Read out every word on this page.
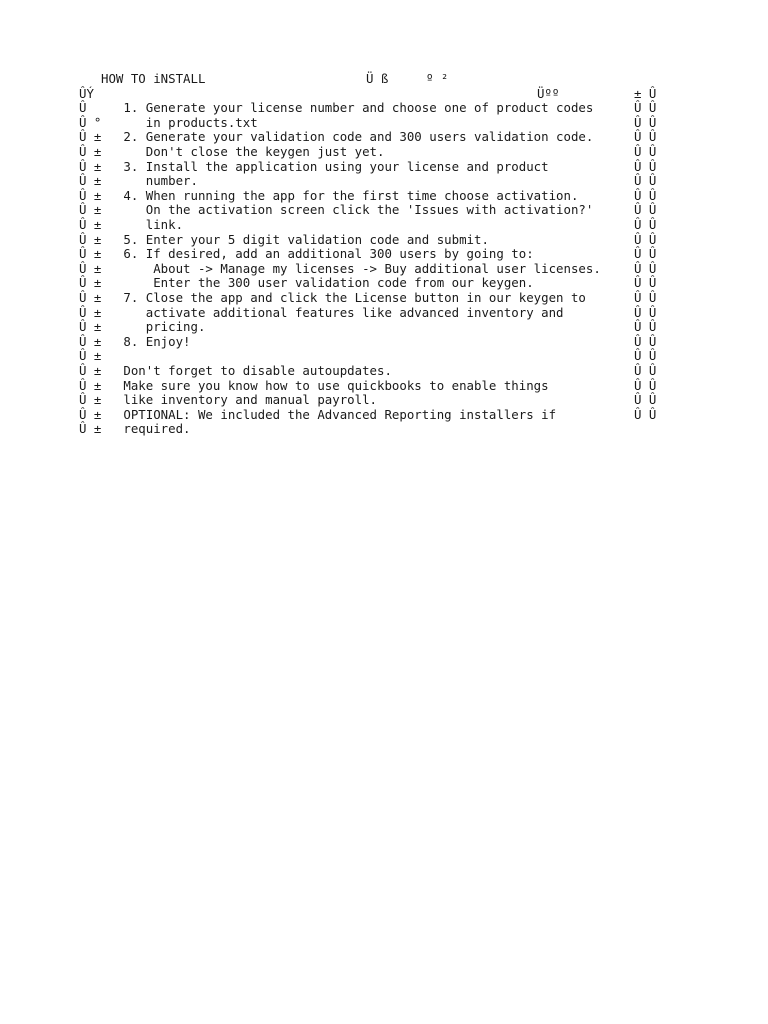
HOW TO iNSTALL

	Ü ß

	º ²

ÛÝ

	Üºº

	± Û

Û 1. Generate your license number and choose one of product codes	Û Û
Û ° in products.txt	Û Û
Û ± 2. Generate your validation code and 300 users validation code.	Û Û
Û ± Don't close the keygen just yet.	Û Û
Û ± 3. Install the application using your license and product	Û Û
Û ± number.	Û Û
Û ± 4. When running the app for the first time choose activation.	Û Û
Û ± On the activation screen click the 'Issues with activation?'	Û Û
Û ± link.	Û Û
Û ± 5. Enter your 5 digit validation code and submit.	Û Û
Û ± 6. If desired, add an additional 300 users by going to:	Û Û
Û ± About -> Manage my licenses -> Buy additional user licenses.	Û Û
Û ± Enter the 300 user validation code from our keygen.	Û Û
Û ± 7. Close the app and click the License button in our keygen to	Û Û
Û ± activate additional features like advanced inventory and	Û Û
Û ± pricing.	Û Û
Û ± 8. Enjoy!	Û Û
Û ±	Û Û
Û ± Don't forget to disable autoupdates.	Û Û
Û ± Make sure you know how to use quickbooks to enable things	Û Û
Û ± like inventory and manual payroll.	Û Û
Û ± OPTIONAL: We included the Advanced Reporting installers if	Û Û
Û ± required.
